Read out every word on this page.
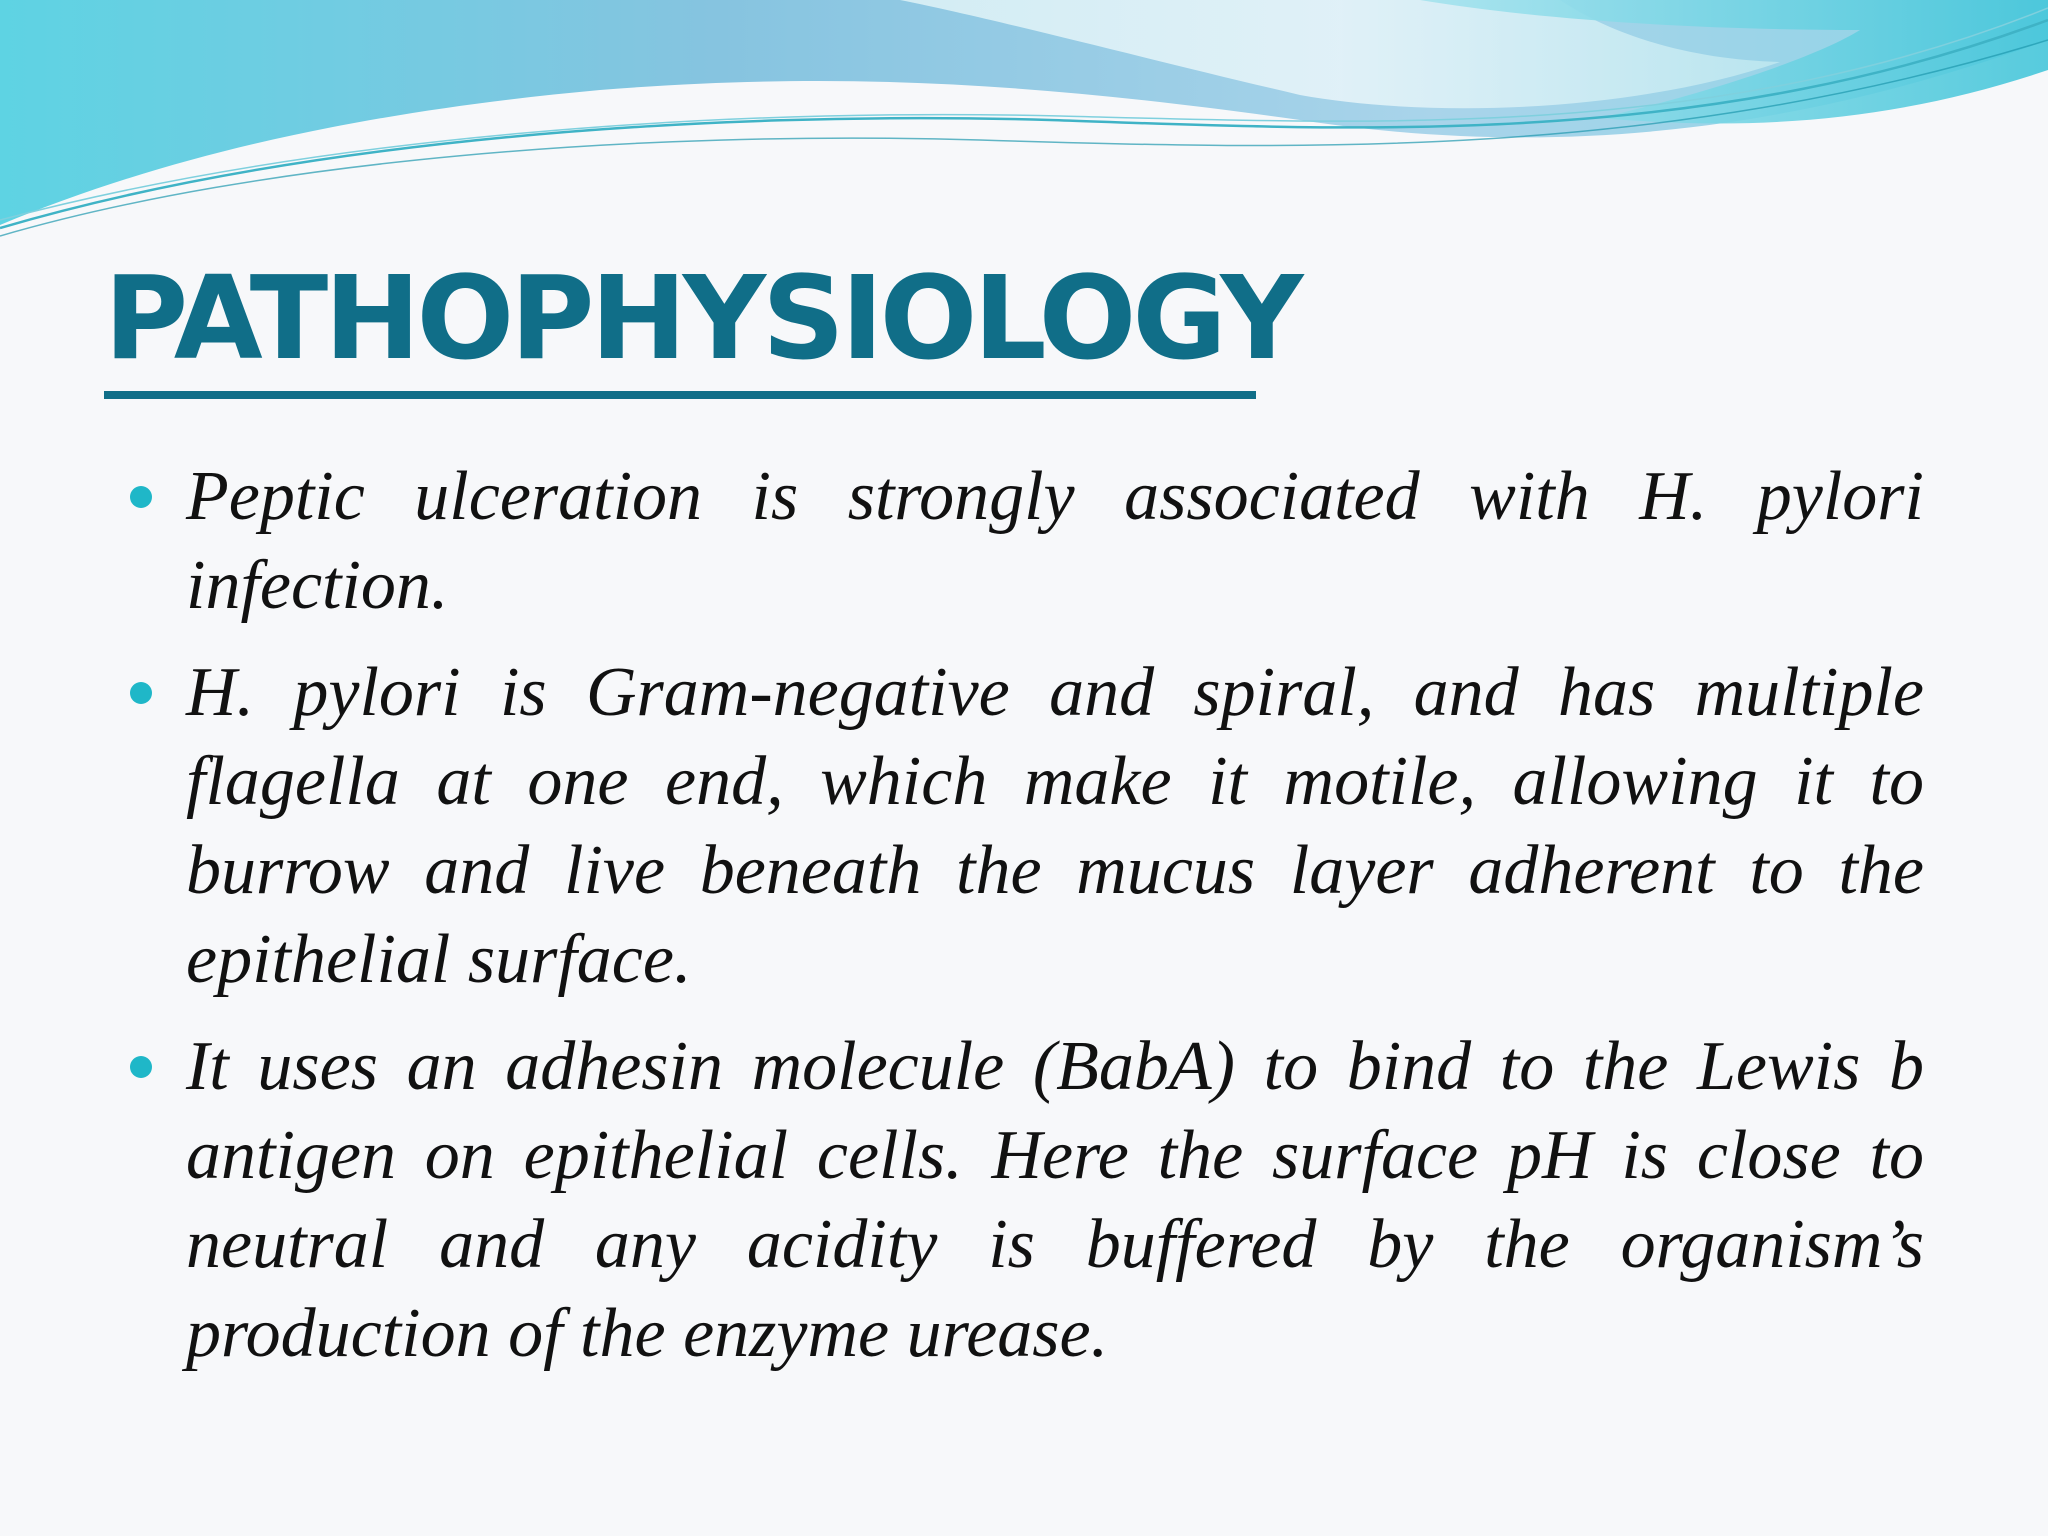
PATHOPHYSIOLOGY
Peptic ulceration is strongly associated with H. pylori infection.
H. pylori is Gram-negative and spiral, and has multiple flagella at one end, which make it motile, allowing it to burrow and live beneath the mucus layer adherent to the epithelial surface.
It uses an adhesin molecule (BabA) to bind to the Lewis b antigen on epithelial cells. Here the surface pH is close to neutral and any acidity is buffered by the organism’s production of the enzyme urease.
